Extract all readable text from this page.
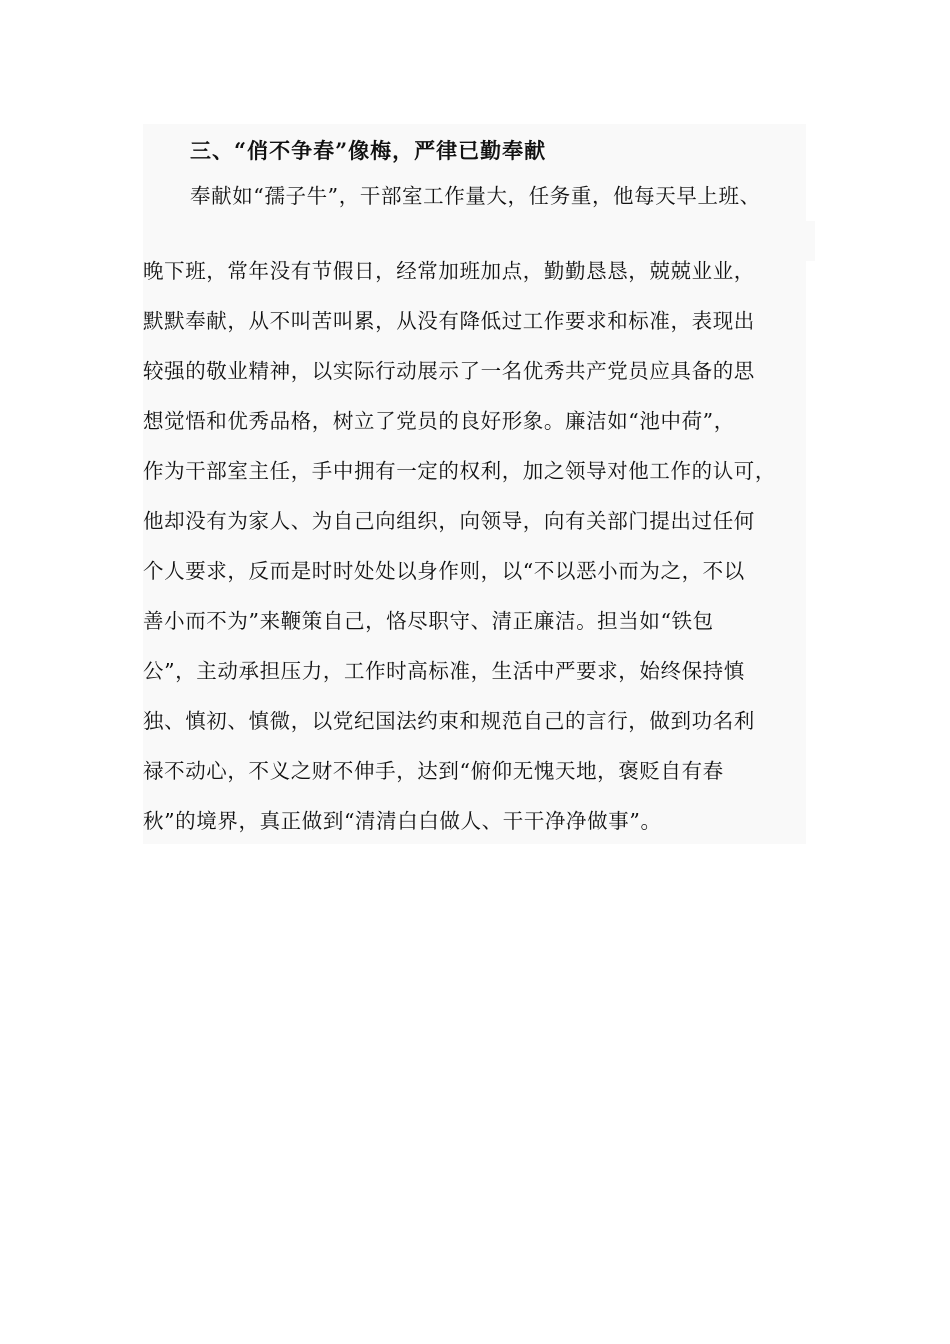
三、“俏不争春”像梅，严律已勤奉献

奉献如“孺子牛”，干部室工作量大，任务重，他每天早上班、

晚下班，常年没有节假日，经常加班加点，勤勤恳恳，兢兢业业，

默默奉献，从不叫苦叫累，从没有降低过工作要求和标准，表现出

较强的敬业精神，以实际行动展示了一名优秀共产党员应具备的思

想觉悟和优秀品格，树立了党员的良好形象。廉洁如“池中荷”，

作为干部室主任，手中拥有一定的权利，加之领导对他工作的认可，

他却没有为家人、为自己向组织，向领导，向有关部门提出过任何

个人要求，反而是时时处处以身作则，以“不以恶小而为之，不以

善小而不为”来鞭策自己，恪尽职守、清正廉洁。担当如“铁包

公”，主动承担压力，工作时高标准，生活中严要求，始终保持慎

独、慎初、慎微，以党纪国法约束和规范自己的言行，做到功名利

禄不动心，不义之财不伸手，达到“俯仰无愧天地，褒贬自有春

秋”的境界，真正做到“清清白白做人、干干净净做事”。
